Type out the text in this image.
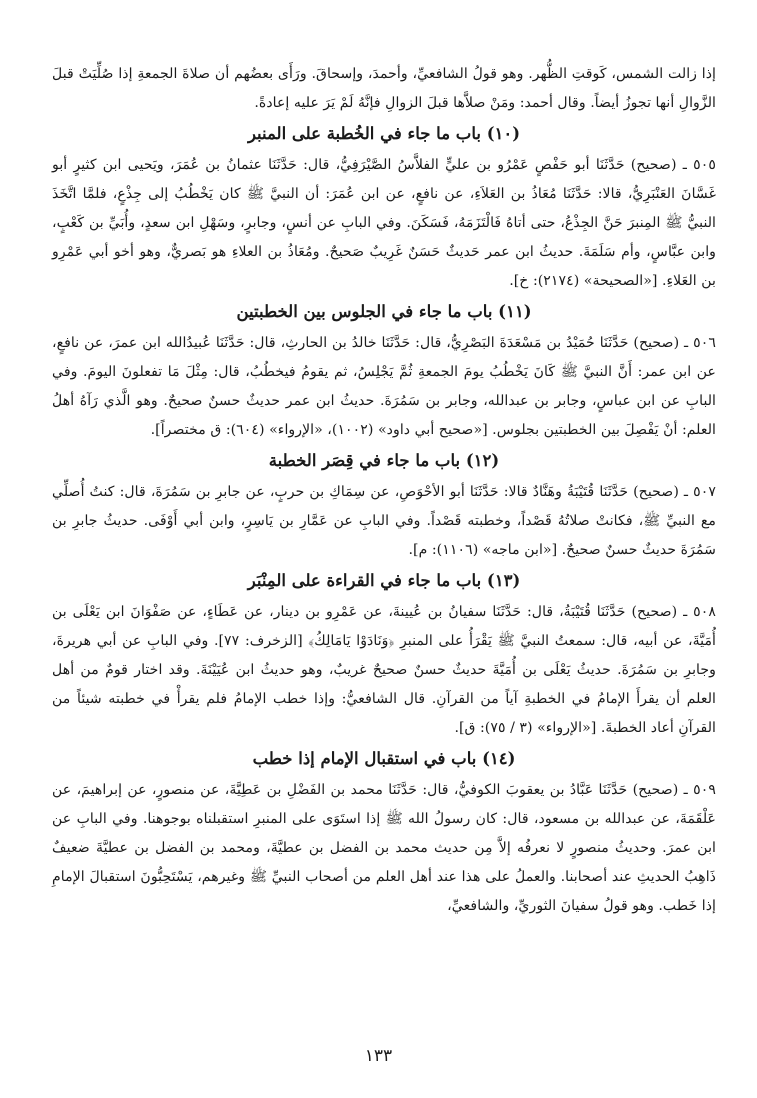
إذا زالت الشمس، كَوقتِ الظُّهر. وهو قولُ الشافعيِّ، وأحمدَ، وإسحاقَ. ورَأَى بعضُهم أن صلاةَ الجمعةِ إذا صُلِّيَتْ قبلَ الزَّوالِ أنها تجوزُ أيضاً. وقال أحمد: ومَنْ صلاَّها قبلَ الزوالِ فإنَّهُ لَمْ يَرَ عليه إعادةً.

(١٠) باب ما جاء في الخُطبة على المنبر

٥٠٥ ـ (صحيح) حَدَّثَنَا أبو حَفْصٍ عَمْرُو بن عليٍّ الفلاَّسُ الصَّيْرَفِيُّ، قال: حَدَّثَنَا عثمانُ بن عُمَرَ، ويَحيى ابن كثيرٍ أبو غَسَّانَ العَنْبَرِيُّ، قالا: حَدَّثَنَا مُعَاذُ بن العَلاَءِ، عن نافعٍ، عن ابن عُمَرَ: أن النبيَّ ﷺ كان يَخْطُبُ إلى جِذْعٍ، فلمَّا اتَّخَذَ النبيُّ ﷺ المِنبرَ حَنَّ الجِذْعُ، حتى أتاهُ فَالْتَزَمَهُ، فَسَكَنَ. وفي البابِ عن أنسٍ، وجابرٍ، وسَهْلِ ابن سعدٍ، وأُبَيِّ بن كَعْبٍ، وابن عبَّاسٍ، وأم سَلَمَةَ. حديثُ ابن عمر حَديثٌ حَسَنٌ غَرِيبٌ صَحيحٌ. ومُعَاذُ بن العلاءِ هو بَصريٌّ، وهو أخو أبي عَمْرِو بن العَلاءِ. [«الصحيحة» (٢١٧٤): خ].

(١١) باب ما جاء في الجلوس بين الخطبتين

٥٠٦ ـ (صحيح) حَدَّثَنَا حُمَيْدُ بن مَسْعَدَةَ البَصْرِيُّ، قال: حَدَّثَنَا خالدُ بن الحارثِ، قال: حَدَّثَنَا عُبيدُالله ابن عمرَ، عن نافعٍ، عن ابن عمر: أَنَّ النبيَّ ﷺ كَانَ يَخْطُبُ يومَ الجمعةِ ثُمَّ يَجْلِسُ، ثم يقومُ فيخطُبُ، قال: مِثْلَ مَا تفعلونَ اليومَ. وفي البابِ عن ابن عباسٍ، وجابر بن عبدالله، وجابر بن سَمُرَةَ. حديثُ ابن عمر حديثٌ حسنٌ صحيحٌ. وهو الَّذي رَآهُ أهلُ العلم: أنْ يَفْصِلَ بين الخطبتين بجلوس. [«صحيح أبي داود» (١٠٠٢)، «الإرواء» (٦٠٤): ق مختصراً].

(١٢) باب ما جاء في قِصَر الخطبة

٥٠٧ ـ (صحيح) حَدَّثَنَا قُتَيْبَةُ وهَنَّادٌ قالا: حَدَّثَنَا أبو الأحْوَصِ، عن سِمَاكِ بن حربٍ، عن جابرِ بن سَمُرَةَ، قال: كنتُ أُصلِّي مع النبيِّ ﷺ، فكانتْ صلاتُهُ قَصْداً، وخطبته قَصْداً. وفي البابِ عن عَمَّارِ بن يَاسِرٍ، وابن أبي أَوْفَى. حديثُ جابرِ بن سَمُرَةَ حديثٌ حسنٌ صحيحٌ. [«ابن ماجه» (١١٠٦): م].

(١٣) باب ما جاء في القراءة على المِنْبَر

٥٠٨ ـ (صحيح) حَدَّثَنَا قُتَيْبَةُ، قال: حَدَّثَنَا سفيانُ بن عُيينةَ، عن عَمْرِو بن دينار، عن عَطَاءٍ، عن صَفْوَانَ ابن يَعْلَى بن أُمَيَّةَ، عن أبيه، قال: سمعتُ النبيَّ ﷺ يَقْرَأُ على المنبرِ ﴿وَنَادَوْا يَامَالِكُ﴾ [الزخرف: ٧٧]. وفي البابِ عن أبي هريرةَ، وجابرِ بن سَمُرَةَ. حديثُ يَعْلَى بن أُمَيَّةَ حديثٌ حسنٌ صحيحٌ غريبٌ، وهو حديثُ ابن عُيَيْنَةَ. وقد اختار قومٌ من أهل العلم أن يقرأَ الإمامُ في الخطبةِ آياً من القرآنِ. قال الشافعيُّ: وإذا خطب الإمامُ فلم يقرأْ في خطبته شيئاً من القرآنِ أعاد الخطبةَ. [«الإرواء» (٣ / ٧٥): ق].

(١٤) باب في استقبال الإمام إذا خطب

٥٠٩ ـ (صحيح) حَدَّثَنَا عَبَّادُ بن يعقوبَ الكوفيُّ، قال: حَدَّثَنَا محمد بن الفَضْلِ بن عَطِيَّةَ، عن منصورٍ، عن إبراهيمَ، عن عَلْقَمَةَ، عن عبدالله بن مسعود، قال: كان رسولُ الله ﷺ إذا استَوَى على المنبرِ استقبلناه بوجوهنا. وفي البابِ عن ابن عمرَ. وحديثُ منصورٍ لا نعرفُه إلاَّ مِن حديث محمد بن الفضل بن عطيَّةَ، ومحمد بن الفضل بن عطيَّةَ ضعيفٌ ذَاهِبُ الحديثِ عند أصحابنا. والعملُ على هذا عند أهل العلم من أصحاب النبيِّ ﷺ وغيرهم، يَسْتَحِبُّونَ استقبالَ الإمامِ إذا خَطب. وهو قولُ سفيانَ الثوريِّ، والشافعيِّ،

١٣٣
